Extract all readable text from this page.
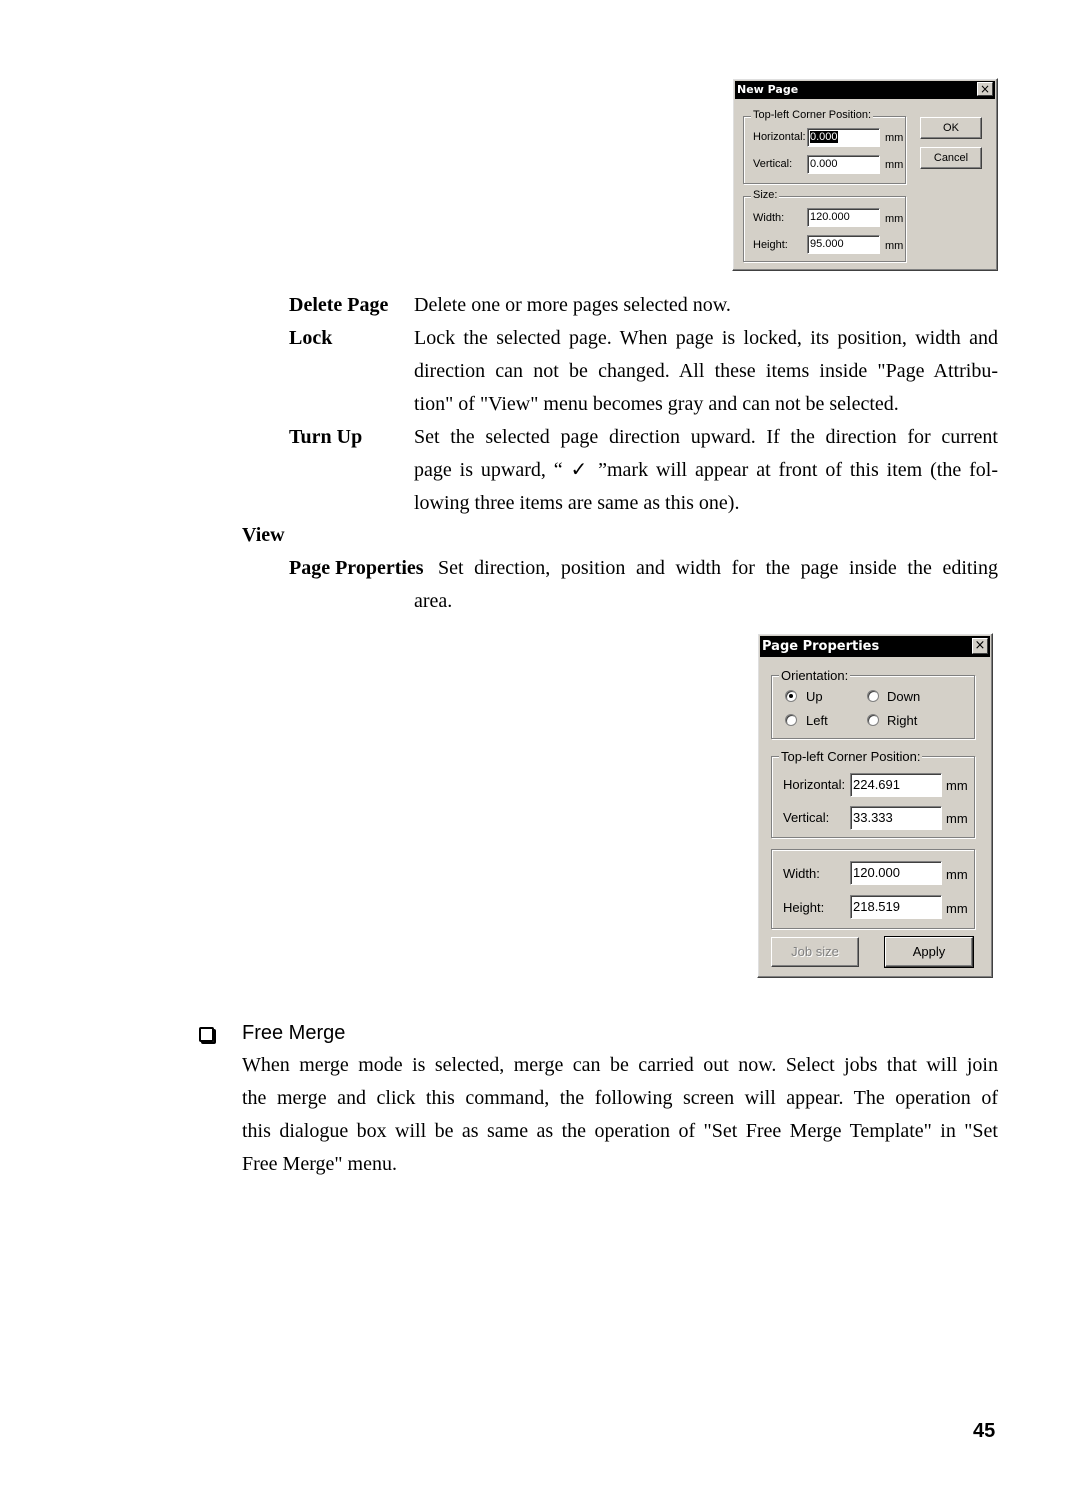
New Page	×
Top-left Corner Position:
Horizontal: 0.000	mm
Vertical: 0.000	mm
Size:
Width: 120.000	mm
Height: 95.000	mm
OK
Cancel
Delete Page Delete one or more pages selected now.
Lock	Lock the selected page. When page is locked, its position, width and
direction can not be changed. All these items inside "Page Attribu-
tion" of "View" menu becomes gray and can not be selected.
Turn Up	Set the selected page direction upward. If the direction for current
page is upward, “ ✓ ”mark will appear at front of this item (the fol-
lowing three items are same as this one).
View
Page Properties Set direction, position and width for the page inside the editing
area.
Page Properties	×
Orientation:
Up	Down
Left	Right
Top-left Corner Position:
Horizontal: 224.691	mm
Vertical: 33.333	mm
Width:	120.000	mm
Height: 218.519	mm
Job size	Apply
Free Merge
When merge mode is selected, merge can be carried out now. Select jobs that will join
the merge and click this command, the following screen will appear. The operation of
this dialogue box will be as same as the operation of "Set Free Merge Template" in "Set
Free Merge" menu.
45
